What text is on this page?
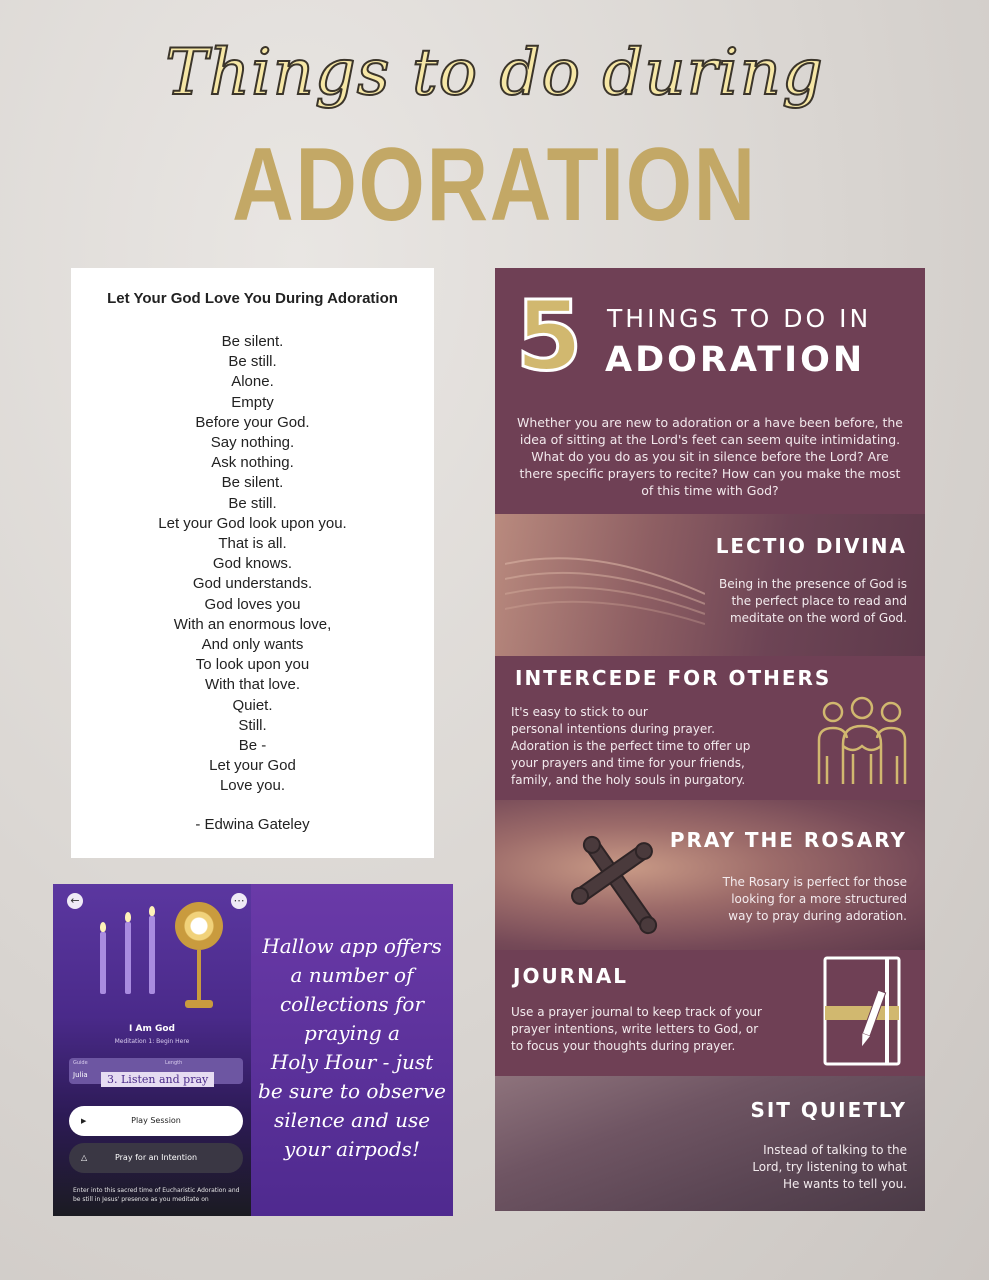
Things to do during
ADORATION
Let Your God Love You During Adoration
Be silent.
Be still.
Alone.
Empty
Before your God.
Say nothing.
Ask nothing.
Be silent.
Be still.
Let your God look upon you.
That is all.
God knows.
God understands.
God loves you
With an enormous love,
And only wants
To look upon you
With that love.
Quiet.
Still.
Be -
Let your God
Love you.
- Edwina Gateley
←	⋯
I Am God
Meditation 1: Begin Here
Guide	Length
Julia	3. Listen and pray
▶	Play Session
△	Pray for an Intention
Enter into this sacred time of Eucharistic Adoration and be still in Jesus' presence as you meditate on
Hallow app offers
a number of
collections for
praying a
Holy Hour - just
be sure to observe
silence and use
your airpods!
5 THINGS TO DO IN
ADORATION
Whether you are new to adoration or a have been before, the idea of sitting at the Lord's feet can seem quite intimidating. What do you do as you sit in silence before the Lord? Are there specific prayers to recite? How can you make the most of this time with God?
LECTIO DIVINA
Being in the presence of God is
the perfect place to read and
meditate on the word of God.
INTERCEDE FOR OTHERS
It's easy to stick to our
personal intentions during prayer.
Adoration is the perfect time to offer up
your prayers and time for your friends,
family, and the holy souls in purgatory.
PRAY THE ROSARY
The Rosary is perfect for those
looking for a more structured
way to pray during adoration.
JOURNAL
Use a prayer journal to keep track of your
prayer intentions, write letters to God, or
to focus your thoughts during prayer.
SIT QUIETLY
Instead of talking to the
Lord, try listening to what
He wants to tell you.
